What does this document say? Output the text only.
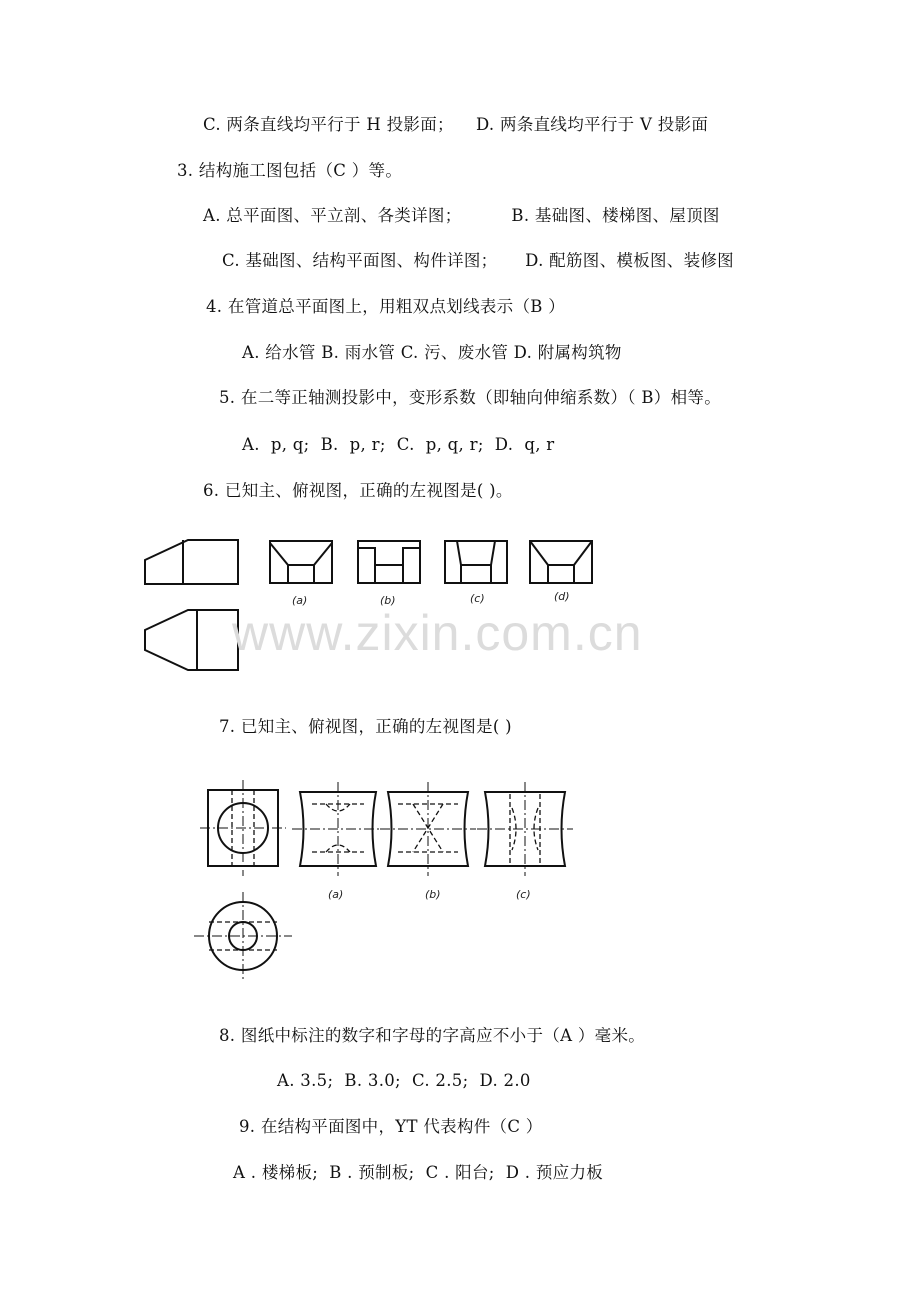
C. 两条直线均平行于 H 投影面；    D. 两条直线均平行于 V 投影面
3. 结构施工图包括（C ）等。
A. 总平面图、平立剖、各类详图；         B. 基础图、楼梯图、屋顶图
C. 基础图、结构平面图、构件详图；     D. 配筋图、模板图、装修图
4. 在管道总平面图上，用粗双点划线表示（B ）
A. 给水管 B. 雨水管 C. 污、废水管 D. 附属构筑物
5. 在二等正轴测投影中，变形系数（即轴向伸缩系数）（ B）相等。
A.  p, q;  B.  p, r;  C.  p, q, r;  D.  q, r
6. 已知主、俯视图，正确的左视图是( )。
(a)	(b)	(c)	(d)
www.zixin.com.cn
7. 已知主、俯视图，正确的左视图是( )
(a)	(b)	(c)
8. 图纸中标注的数字和字母的字高应不小于（A ）毫米。
A. 3.5;  B. 3.0;  C. 2.5;  D. 2.0
9. 在结构平面图中，YT 代表构件（C ）
A . 楼梯板;  B . 预制板;  C . 阳台;  D . 预应力板
